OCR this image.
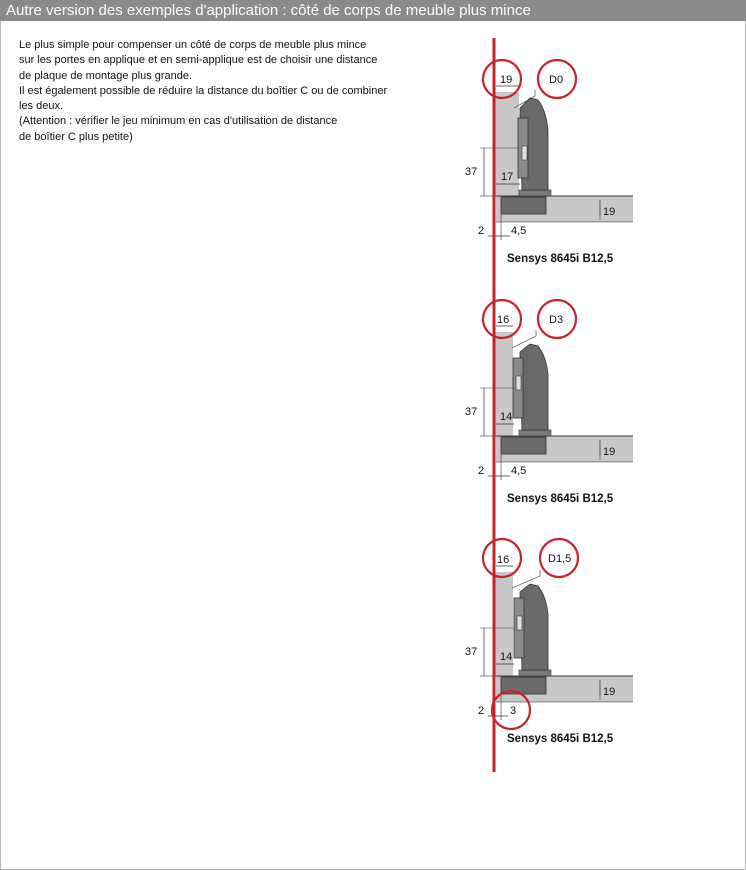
Autre version des exemples d'application : côté de corps de meuble plus mince
Le plus simple pour compenser un côté de corps de meuble plus mince
sur les portes en applique et en semi-applique est de choisir une distance
de plaque de montage plus grande.
Il est également possible de réduire la distance du boîtier C ou de combiner
les deux.
(Attention : vérifier le jeu minimum en cas d'utilisation de distance
de boîtier C plus petite)
19
37 17
19
2 4,5
Sensys 8645i B12,5
16
37 14
19
2 4,5
Sensys 8645i B12,5
16
37 14
19
2 3
Sensys 8645i B12,5
D0
D3
D1,5
